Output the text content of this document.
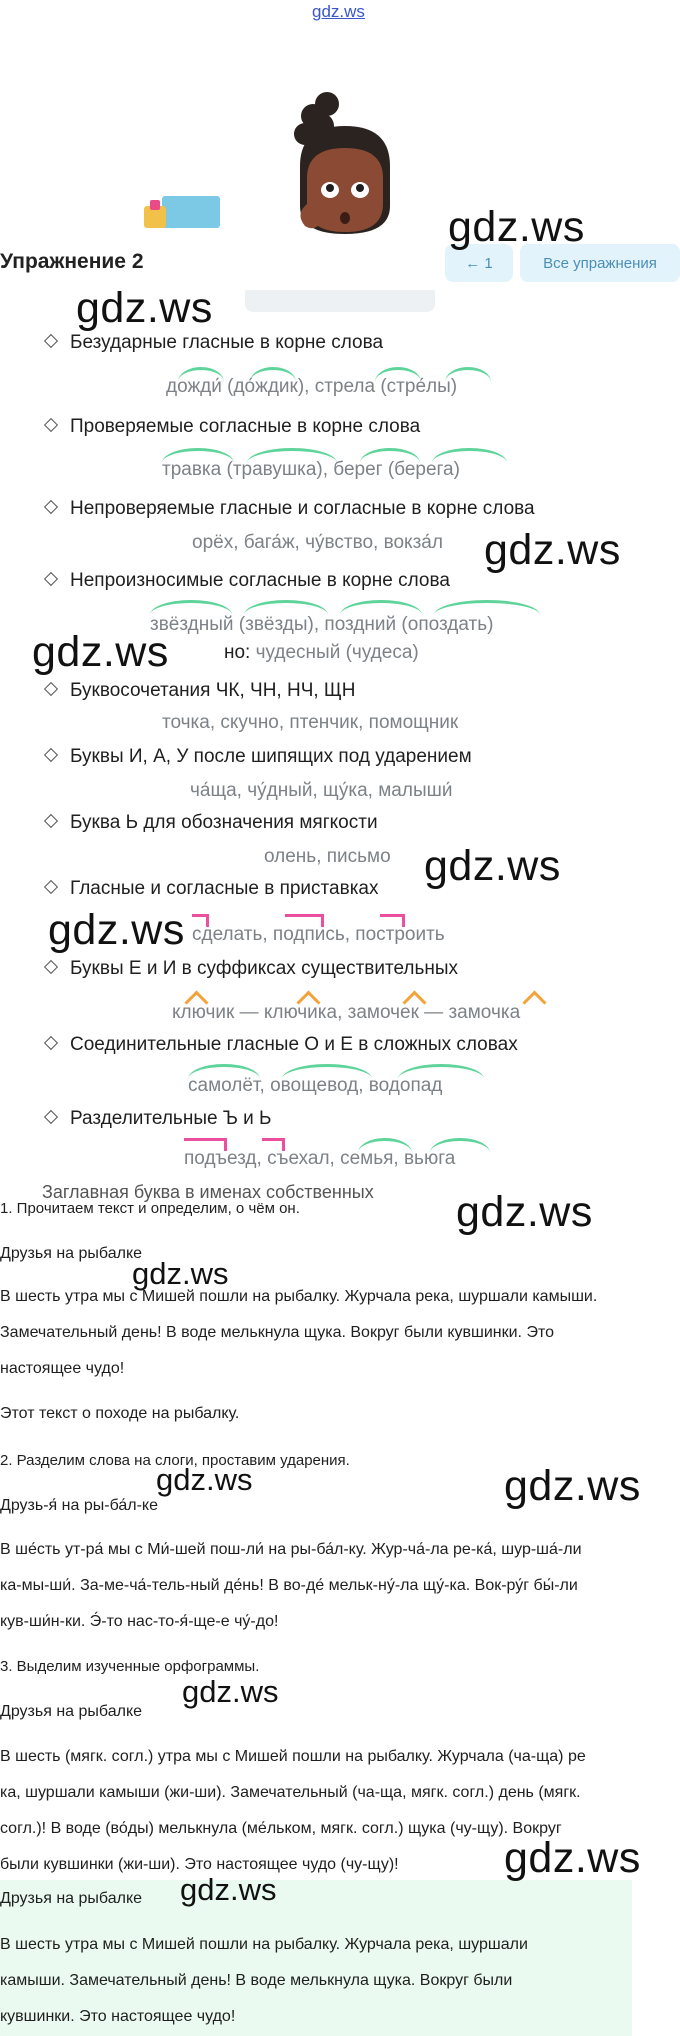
gdz.ws
Упражнение 2	← 1	Все упражнения
Безударные гласные в корне слова
дожди́ (до́ждик), стрела (стре́лы)
Проверяемые согласные в корне слова
травка (травушка), берег (берега)
Непроверяемые гласные и согласные в корне слова
орёх, бага́ж, чу́вство, вокза́л
Непроизносимые согласные в корне слова
звёздный (звёзды), поздний (опоздать)
но: чудесный (чудеса)
Буквосочетания ЧК, ЧН, НЧ, ЩН
точка, скучно, птенчик, помощник
Буквы И, А, У после шипящих под ударением
ча́ща, чу́дный, щу́ка, малыши́
Буква Ь для обозначения мягкости
олень, письмо
Гласные и согласные в приставках
сделать, подпись, построить
Буквы Е и И в суффиксах существительных
ключик — ключика, замочек — замочка
Соединительные гласные О и Е в сложных словах
самолёт, овощевод, водопад
Разделительные Ъ и Ь
подъезд, съехал, семья, вьюга
Заглавная буква в именах собственных
1. Прочитаем текст и определим, о чём он.
Друзья на рыбалке
В шесть утра мы с Мишей пошли на рыбалку. Журчала река, шуршали камыши.
Замечательный день! В воде мелькнула щука. Вокруг были кувшинки. Это
настоящее чудо!
Этот текст о походе на рыбалку.
2. Разделим слова на слоги, проставим ударения.
Друзь-я́ на ры-ба́л-ке
В ше́сть ут-ра́ мы с Ми́-шей пош-ли́ на ры-ба́л-ку. Жур-ча́-ла ре-ка́, шур-ша́-ли
ка-мы-ши́. За-ме-ча́-тель-ный де́нь! В во-де́ мельк-ну́-ла щу́-ка. Вок-ру́г бы́-ли
кув-ши́н-ки. Э́-то нас-то-я́-ще-е чу́-до!
3. Выделим изученные орфограммы.
Друзья на рыбалке
В шесть (мягк. согл.) утра мы с Мишей пошли на рыбалку. Журчала (ча-ща) ре
ка, шуршали камыши (жи-ши). Замечательный (ча-ща, мягк. согл.) день (мягк.
согл.)! В воде (во́ды) мелькнула (ме́льком, мягк. согл.) щука (чу-щу). Вокруг
были кувшинки (жи-ши). Это настоящее чудо (чу-щу)!
Друзья на рыбалке
В шесть утра мы с Мишей пошли на рыбалку. Журчала река, шуршали
камыши. Замечательный день! В воде мелькнула щука. Вокруг были
кувшинки. Это настоящее чудо!
gdz.ws
gdz.ws
gdz.ws
gdz.ws
gdz.ws
gdz.ws
gdz.ws
gdz.ws
gdz.ws	gdz.ws
gdz.ws
gdz.ws
gdz.ws
